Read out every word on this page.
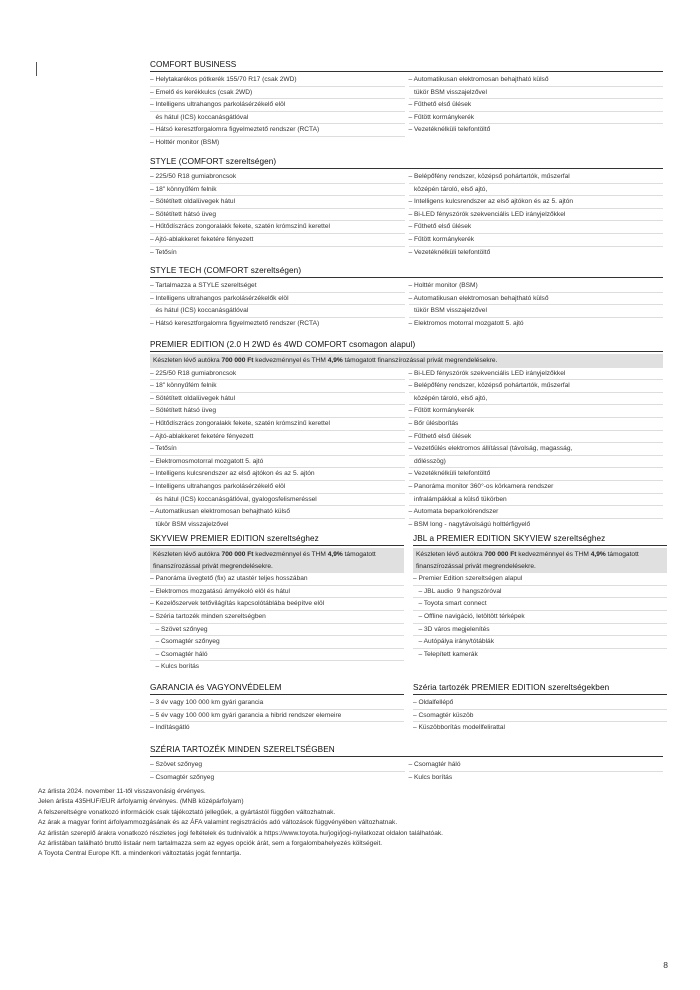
COMFORT BUSINESS
– Helytakarékos pótkerék 155/70 R17 (csak 2WD)
– Emelő és kerékkulcs (csak 2WD)
– Intelligens ultrahangos parkolásérzékelő elöl
és hátul (ICS) koccanásgátlóval
– Hátsó keresztforgalomra figyelmeztető rendszer (RCTA)
– Holttér monitor (BSM)
– Automatikusan elektromosan behajtható külső
tükör BSM visszajelzővel
– Fűthető első ülések
– Fűtött kormánykerék
– Vezetéknélküli telefontöltő
STYLE (COMFORT szereltségen)
– 225/50 R18 gumiabroncsok
– 18" könnyűfém felnik
– Sötétített oldalüvegek hátul
– Sötétített hátsó üveg
– Hűtődíszrács zongoralakk fekete, szatén krómszínű kerettel
– Ajtó-ablakkeret feketére fényezett
– Tetősín
– Belépőfény rendszer, középső pohártartók, műszerfal
középén tároló, első ajtó,
– Intelligens kulcsrendszer az első ajtókon és az 5. ajtón
– Bi-LED fényszórók szekvenciális LED irányjelzőkkel
– Fűthető első ülések
– Fűtött kormánykerék
– Vezetéknélküli telefontöltő
STYLE TECH (COMFORT szereltségen)
– Tartalmazza a STYLE szereltséget
– Intelligens ultrahangos parkolásérzékelők elöl
és hátul (ICS) koccanásgátlóval
– Hátsó keresztforgalomra figyelmeztető rendszer (RCTA)
– Holttér monitor (BSM)
– Automatikusan elektromosan behajtható külső
tükör BSM visszajelzővel
– Elektromos motorral mozgatott 5. ajtó
PREMIER EDITION (2.0 H 2WD és 4WD COMFORT csomagon alapul)
Készleten lévő autókra 700 000 Ft kedvezménnyel és THM 4,9% támogatott finanszírozással privát megrendelésekre.
– 225/50 R18 gumiabroncsok
– 18" könnyűfém felnik
– Sötétített oldalüvegek hátul
– Sötétített hátsó üveg
– Hűtődíszrács zongoralakk fekete, szatén krómszínű kerettel
– Ajtó-ablakkeret feketére fényezett
– Tetősín
– Elektromosmotorral mozgatott 5. ajtó
– Intelligens kulcsrendszer az első ajtókon és az 5. ajtón
– Intelligens ultrahangos parkolásérzékelő elöl
és hátul (ICS) koccanásgátlóval, gyalogosfelismeréssel
– Automatikusan elektromosan behajtható külső
tükör BSM visszajelzővel
– Bi-LED fényszórók szekvenciális LED irányjelzőkkel
– Belépőfény rendszer, középső pohártartók, műszerfal
középén tároló, első ajtó,
– Fűtött kormánykerék
– Bőr ülésborítás
– Fűthető első ülések
– Vezetőülés elektromos állítással (távolság, magasság,
dőlésszög)
– Vezetéknélküli telefontöltő
– Panoráma monitor 360°-os körkamera rendszer
infralámpákkal a külső tükörben
– Automata beparkolórendszer
– BSM long - nagytávolságú holttérfigyelő
SKYVIEW PREMIER EDITION szereltséghez
Készleten lévő autókra 700 000 Ft kedvezménnyel és THM 4,9% támogatott finanszírozással privát megrendelésekre.
– Panoráma üvegtető (fix) az utastér teljes hosszában
– Elektromos mozgatású árnyékoló elöl és hátul
– Kezelőszervek tetővilágítás kapcsolótáblába beépítve elöl
– Széria tartozék minden szereltségben
– Szövet szőnyeg
– Csomagtér szőnyeg
– Csomagtér háló
– Kulcs borítás
JBL a PREMIER EDITION SKYVIEW szereltséghez
Készleten lévő autókra 700 000 Ft kedvezménnyel és THM 4,9% támogatott finanszírozással privát megrendelésekre.
– Premier Edition szereltségen alapul
– JBL audio  9 hangszóróval
– Toyota smart connect
– Offline navigáció, letöltött térképek
– 3D város megjelenítés
– Autópálya irány/tótáblák
– Telepített kamerák
GARANCIA és VAGYONVÉDELEM
– 3 év vagy 100 000 km gyári garancia
– 5 év vagy 100 000 km gyári garancia a hibrid rendszer elemeire
– Indításgátló
Széria tartozék PREMIER EDITION szereltségekben
– Oldalfellépő
– Csomagtér küszöb
– Küszöbborítás modellfelirattal
SZÉRIA TARTOZÉK MINDEN SZERELTSÉGBEN
– Szövet szőnyeg
– Csomagtér szőnyeg
– Csomagtér háló
– Kulcs borítás
Az árlista 2024. november 11-től visszavonásig érvényes.
Jelen árlista 435HUF/EUR árfolyamig érvényes. (MNB középárfolyam)
A felszereltségre vonatkozó információk csak tájékoztató jellegűek, a gyártástól függően változhatnak.
Az árak a magyar forint árfolyammozgásának és az ÁFA valamint regisztrációs adó változások függvényében változhatnak.
Az árlistán szereplő árakra vonatkozó részletes jogi feltételek és tudnivalók a https://www.toyota.hu/jogi/jogi-nyilatkozat oldalon találhatóak.
Az árlistában található bruttó listaár nem tartalmazza sem az egyes opciók árát, sem a forgalombahelyezés költségeit.
A Toyota Central Europe Kft. a mindenkori változtatás jogát fenntartja.
8
